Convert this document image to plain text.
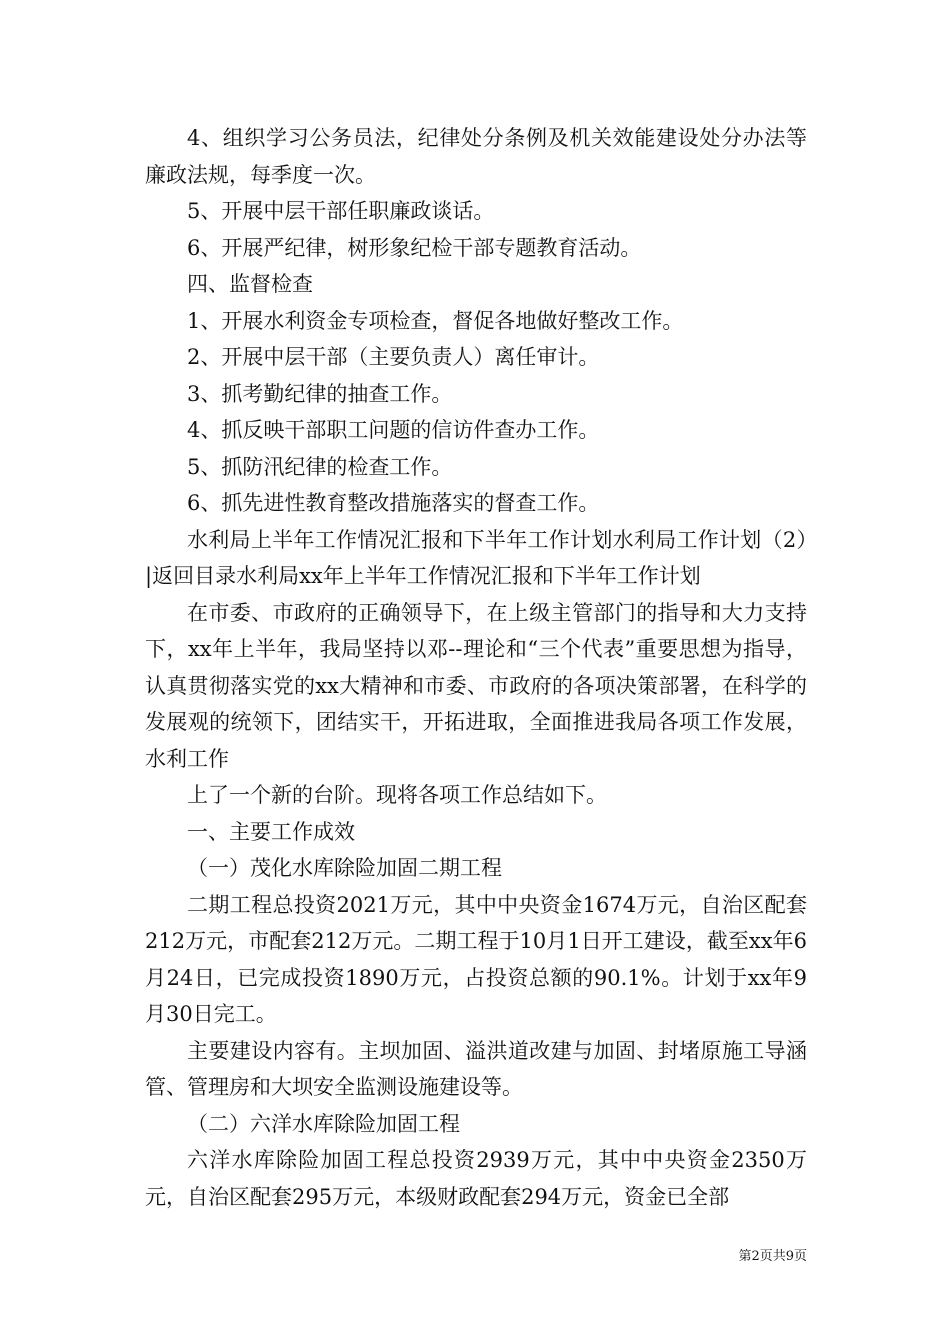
4、组织学习公务员法，纪律处分条例及机关效能建设处分办法等廉政法规，每季度一次。

5、开展中层干部任职廉政谈话。

6、开展严纪律，树形象纪检干部专题教育活动。

四、监督检查

1、开展水利资金专项检查，督促各地做好整改工作。

2、开展中层干部（主要负责人）离任审计。

3、抓考勤纪律的抽查工作。

4、抓反映干部职工问题的信访件查办工作。

5、抓防汛纪律的检查工作。

6、抓先进性教育整改措施落实的督查工作。

水利局上半年工作情况汇报和下半年工作计划水利局工作计划（2）|返回目录水利局xx年上半年工作情况汇报和下半年工作计划

在市委、市政府的正确领导下，在上级主管部门的指导和大力支持下，xx年上半年，我局坚持以邓--理论和“三个代表”重要思想为指导，认真贯彻落实党的xx大精神和市委、市政府的各项决策部署，在科学的发展观的统领下，团结实干，开拓进取，全面推进我局各项工作发展，水利工作

上了一个新的台阶。现将各项工作总结如下。

一、主要工作成效

（一）茂化水库除险加固二期工程

二期工程总投资2021万元，其中中央资金1674万元，自治区配套212万元，市配套212万元。二期工程于10月1日开工建设，截至xx年6月24日，已完成投资1890万元，占投资总额的90.1%。计划于xx年9月30日完工。

主要建设内容有。主坝加固、溢洪道改建与加固、封堵原施工导涵管、管理房和大坝安全监测设施建设等。

（二）六洋水库除险加固工程

六洋水库除险加固工程总投资2939万元，其中中央资金2350万元，自治区配套295万元，本级财政配套294万元，资金已全部

第2页共9页
